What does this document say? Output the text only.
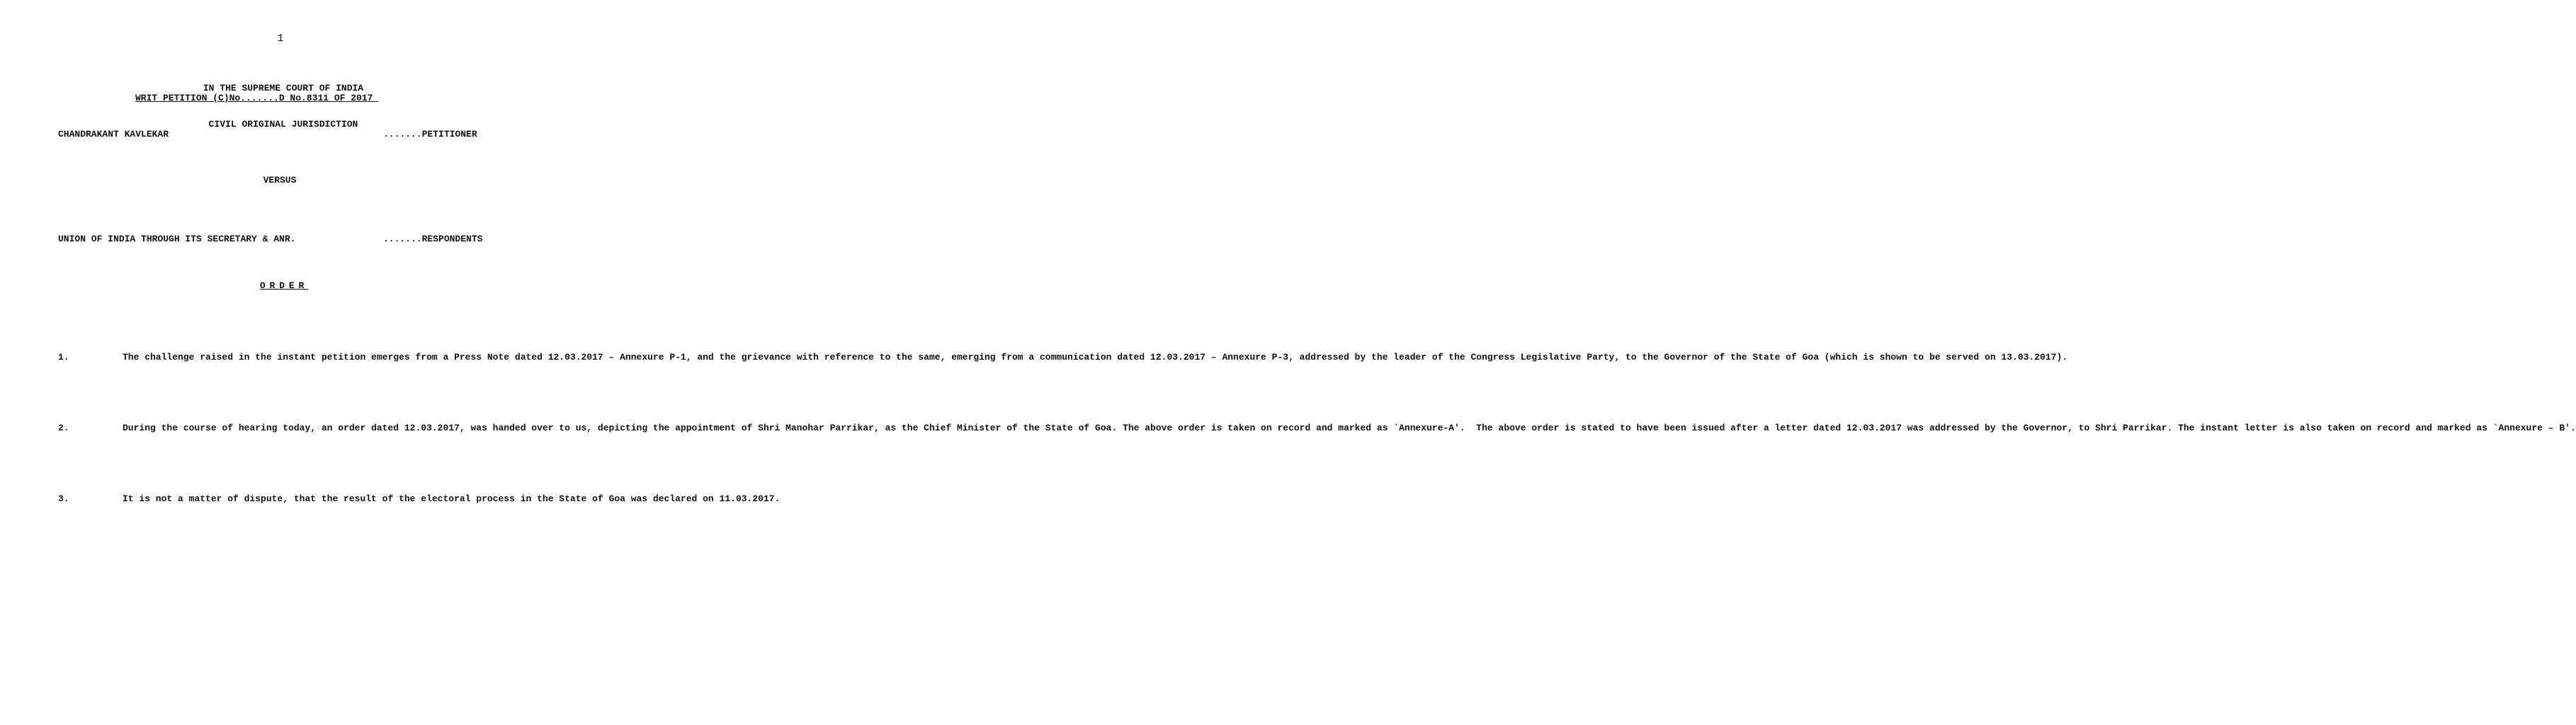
1

IN THE SUPREME COURT OF INDIA

CIVIL ORIGINAL JURISDICTION

WRIT PETITION (C)No.......D No.8311 OF 2017
CHANDRAKANT KAVLEKAR	.......PETITIONER
VERSUS
UNION OF INDIA THROUGH ITS SECRETARY & ANR.	.......RESPONDENTS
ORDER

1.	The challenge raised in the instant petition emerges from a Press Note dated 12.03.2017 – Annexure P-1, and the grievance with reference to the same, emerging from a communication dated 12.03.2017 – Annexure P-3, addressed by the leader of the Congress Legislative Party, to the Governor of the State of Goa (which is shown to be served on 13.03.2017).

2.	During the course of hearing today, an order dated 12.03.2017, was handed over to us, depicting the appointment of Shri Manohar Parrikar, as the Chief Minister of the State of Goa. The above order is taken on record and marked as `Annexure-A'.  The above order is stated to have been issued after a letter dated 12.03.2017 was addressed by the Governor, to Shri Parrikar. The instant letter is also taken on record and marked as `Annexure – B'.

3.	It is not a matter of dispute, that the result of the electoral process in the State of Goa was declared on 11.03.2017.
